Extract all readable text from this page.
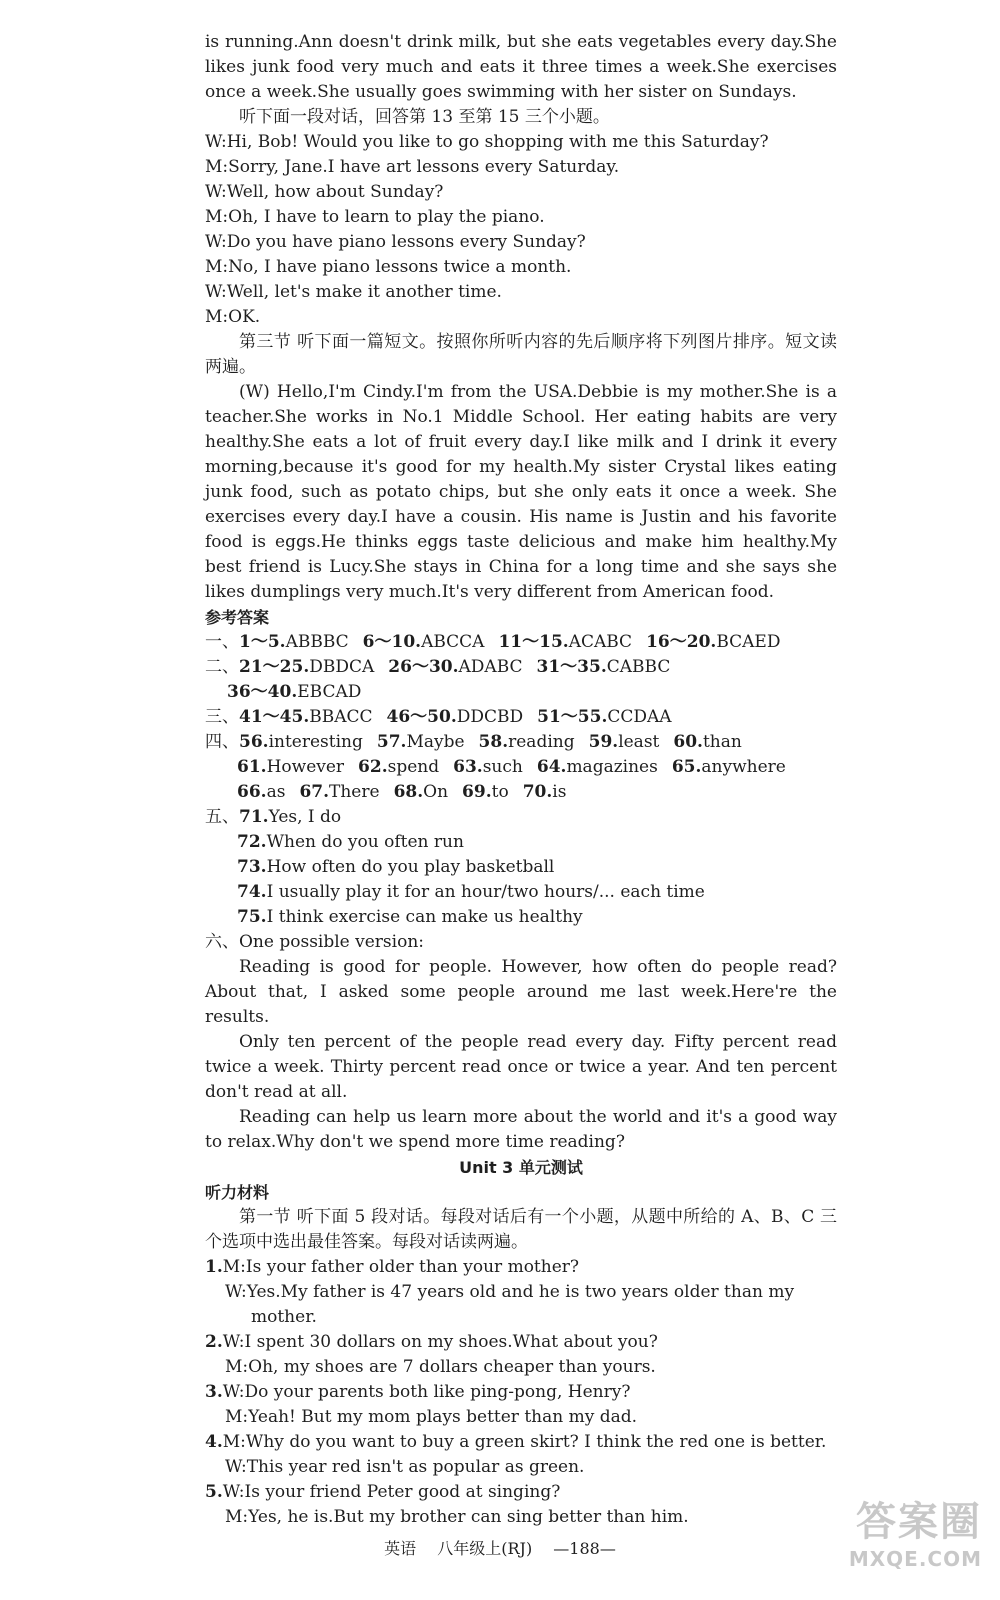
is running.Ann doesn't drink milk, but she eats vegetables every day.She likes junk food very much and eats it three times a week.She exercises once a week.She usually goes swimming with her sister on Sundays.

听下面一段对话，回答第 13 至第 15 三个小题。

W:Hi, Bob! Would you like to go shopping with me this Saturday?

M:Sorry, Jane.I have art lessons every Saturday.

W:Well, how about Sunday?

M:Oh, I have to learn to play the piano.

W:Do you have piano lessons every Sunday?

M:No, I have piano lessons twice a month.

W:Well, let's make it another time.

M:OK.

第三节 听下面一篇短文。按照你所听内容的先后顺序将下列图片排序。短文读两遍。

(W) Hello,I'm Cindy.I'm from the USA.Debbie is my mother.She is a teacher.She works in No.1 Middle School. Her eating habits are very healthy.She eats a lot of fruit every day.I like milk and I drink it every morning,because it's good for my health.My sister Crystal likes eating junk food, such as potato chips, but she only eats it once a week. She exercises every day.I have a cousin. His name is Justin and his favorite food is eggs.He thinks eggs taste delicious and make him healthy.My best friend is Lucy.She stays in China for a long time and she says she likes dumplings very much.It's very different from American food.

参考答案

一、1～5.ABBBC 6～10.ABCCA 11～15.ACABC 16～20.BCAED

二、21～25.DBDCA 26～30.ADABC 31～35.CABBC

36～40.EBCAD

三、41～45.BBACC 46～50.DDCBD 51～55.CCDAA

四、56.interesting 57.Maybe 58.reading 59.least 60.than

61.However 62.spend 63.such 64.magazines 65.anywhere

66.as 67.There 68.On 69.to 70.is

五、71.Yes, I do

72.When do you often run

73.How often do you play basketball

74.I usually play it for an hour/two hours/... each time

75.I think exercise can make us healthy

六、One possible version:

Reading is good for people. However, how often do people read? About that, I asked some people around me last week.Here're the results.

Only ten percent of the people read every day. Fifty percent read twice a week. Thirty percent read once or twice a year. And ten percent don't read at all.

Reading can help us learn more about the world and it's a good way to relax.Why don't we spend more time reading?

Unit 3 单元测试

听力材料

第一节 听下面 5 段对话。每段对话后有一个小题，从题中所给的 A、B、C 三个选项中选出最佳答案。每段对话读两遍。

1.M:Is your father older than your mother?

W:Yes.My father is 47 years old and he is two years older than my

mother.

2.W:I spent 30 dollars on my shoes.What about you?

M:Oh, my shoes are 7 dollars cheaper than yours.

3.W:Do your parents both like ping-pong, Henry?

M:Yeah! But my mom plays better than my dad.

4.M:Why do you want to buy a green skirt? I think the red one is better.

W:This year red isn't as popular as green.

5.W:Is your friend Peter good at singing?

M:Yes, he is.But my brother can sing better than him.

英语 八年级上(RJ) —188—
答案圈
MXQE.COM
